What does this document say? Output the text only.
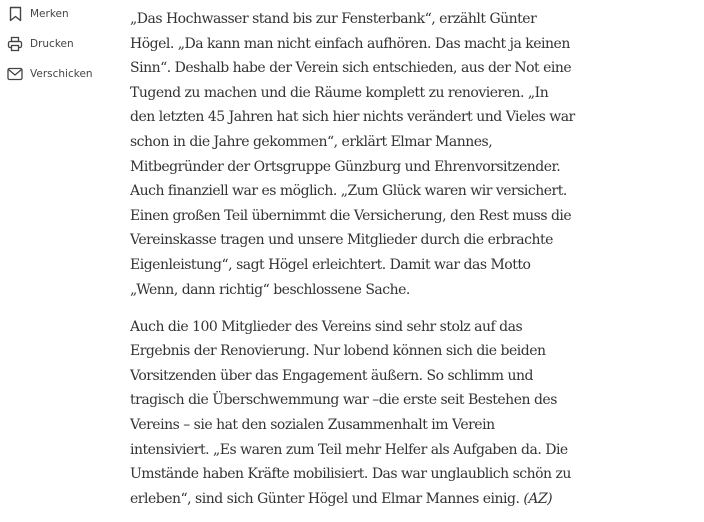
Merken
Drucken
Verschicken

„Das Hochwasser stand bis zur Fensterbank“, erzählt Günter
Högel. „Da kann man nicht einfach aufhören. Das macht ja keinen
Sinn“. Deshalb habe der Verein sich entschieden, aus der Not eine
Tugend zu machen und die Räume komplett zu renovieren. „In
den letzten 45 Jahren hat sich hier nichts verändert und Vieles war
schon in die Jahre gekommen“, erklärt Elmar Mannes,
Mitbegründer der Ortsgruppe Günzburg und Ehrenvorsitzender.
Auch finanziell war es möglich. „Zum Glück waren wir versichert.
Einen großen Teil übernimmt die Versicherung, den Rest muss die
Vereinskasse tragen und unsere Mitglieder durch die erbrachte
Eigenleistung“, sagt Högel erleichtert. Damit war das Motto
„Wenn, dann richtig“ beschlossene Sache.

Auch die 100 Mitglieder des Vereins sind sehr stolz auf das
Ergebnis der Renovierung. Nur lobend können sich die beiden
Vorsitzenden über das Engagement äußern. So schlimm und
tragisch die Überschwemmung war –die erste seit Bestehen des
Vereins – sie hat den sozialen Zusammenhalt im Verein
intensiviert. „Es waren zum Teil mehr Helfer als Aufgaben da. Die
Umstände haben Kräfte mobilisiert. Das war unglaublich schön zu
erleben“, sind sich Günter Högel und Elmar Mannes einig. (AZ)
